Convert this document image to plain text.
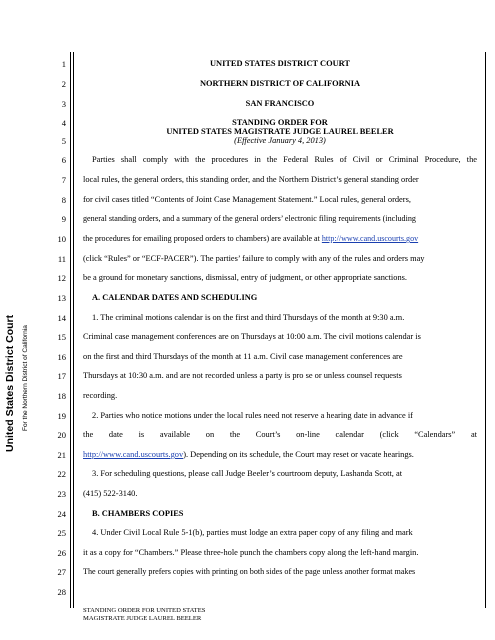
United States District Court For the Northern District of California
1
2
3
4
5
6
7
8
9
10
11
12
13
14
15
16
17
18
19
20
21
22
23
24
25
26
27
28
UNITED STATES DISTRICT COURT
NORTHERN DISTRICT OF CALIFORNIA
SAN FRANCISCO
STANDING ORDER FOR
UNITED STATES MAGISTRATE JUDGE LAUREL BEELER
(Effective January 4, 2013)
Parties shall comply with the procedures in the Federal Rules of Civil or Criminal Procedure, the
local rules, the general orders, this standing order, and the Northern District’s general standing order
for civil cases titled “Contents of Joint Case Management Statement.” Local rules, general orders,
general standing orders, and a summary of the general orders’ electronic filing requirements (including
the procedures for emailing proposed orders to chambers) are available at http://www.cand.uscourts.gov
(click “Rules” or “ECF-PACER”). The parties’ failure to comply with any of the rules and orders may
be a ground for monetary sanctions, dismissal, entry of judgment, or other appropriate sanctions.
A. CALENDAR DATES AND SCHEDULING
1. The criminal motions calendar is on the first and third Thursdays of the month at 9:30 a.m.
Criminal case management conferences are on Thursdays at 10:00 a.m. The civil motions calendar is
on the first and third Thursdays of the month at 11 a.m. Civil case management conferences are
Thursdays at 10:30 a.m. and are not recorded unless a party is pro se or unless counsel requests
recording.
2. Parties who notice motions under the local rules need not reserve a hearing date in advance if
the date is available on the Court’s on-line calendar (click “Calendars” at
http://www.cand.uscourts.gov). Depending on its schedule, the Court may reset or vacate hearings.
3. For scheduling questions, please call Judge Beeler’s courtroom deputy, Lashanda Scott, at
(415) 522-3140.
B. CHAMBERS COPIES
4. Under Civil Local Rule 5-1(b), parties must lodge an extra paper copy of any filing and mark
it as a copy for “Chambers.” Please three-hole punch the chambers copy along the left-hand margin.
The court generally prefers copies with printing on both sides of the page unless another format makes
STANDING ORDER FOR UNITED STATES
MAGISTRATE JUDGE LAUREL BEELER
